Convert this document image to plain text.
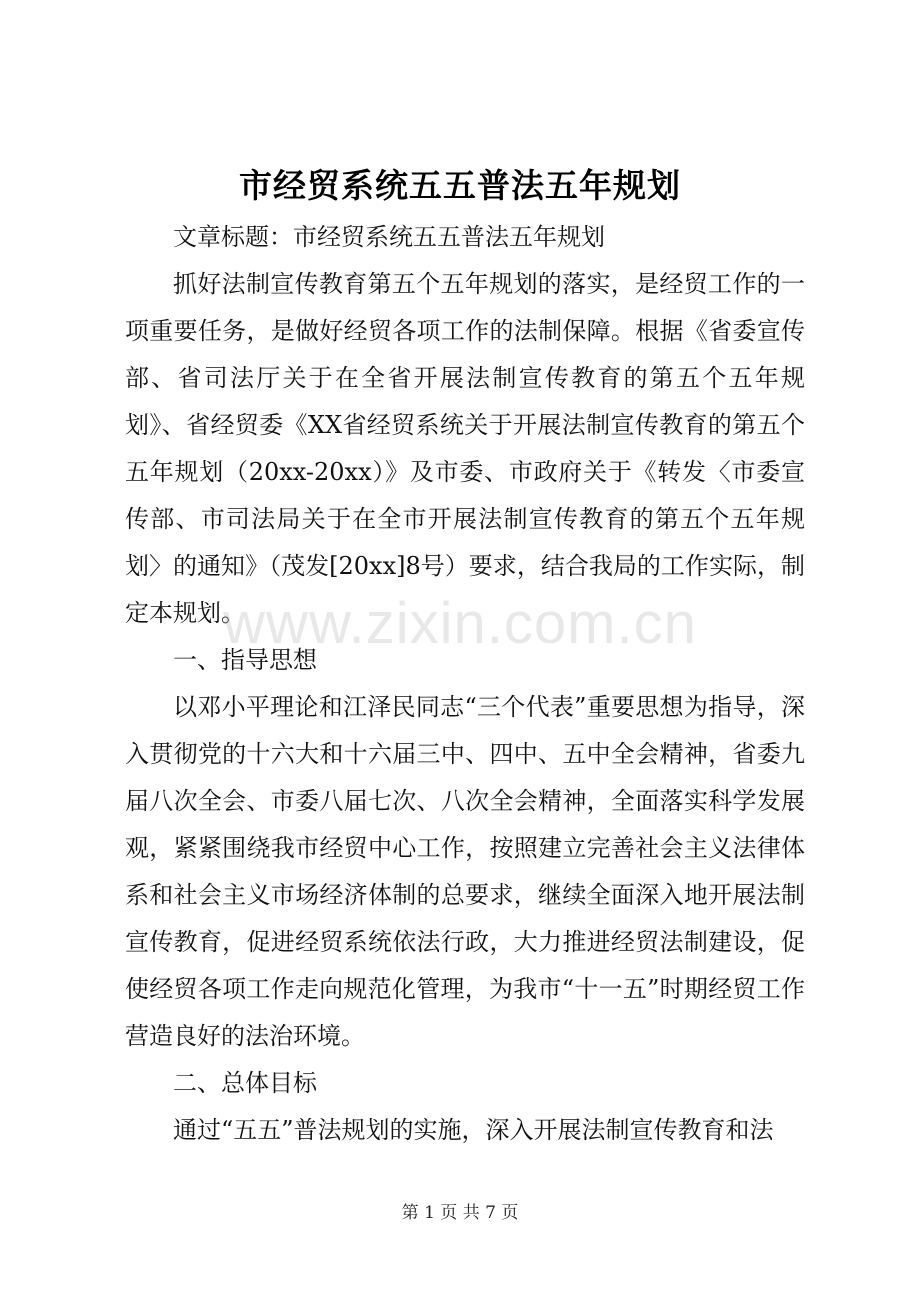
市经贸系统五五普法五年规划

文章标题：市经贸系统五五普法五年规划

抓好法制宣传教育第五个五年规划的落实，是经贸工作的一项重要任务，是做好经贸各项工作的法制保障。根据《省委宣传部、省司法厅关于在全省开展法制宣传教育的第五个五年规划》、省经贸委《XX省经贸系统关于开展法制宣传教育的第五个五年规划（20xx-20xx）》及市委、市政府关于《转发〈市委宣传部、市司法局关于在全市开展法制宣传教育的第五个五年规划〉的通知》（茂发[20xx]8号）要求，结合我局的工作实际，制定本规划。

一、指导思想

以邓小平理论和江泽民同志“三个代表”重要思想为指导，深入贯彻党的十六大和十六届三中、四中、五中全会精神，省委九届八次全会、市委八届七次、八次全会精神，全面落实科学发展观，紧紧围绕我市经贸中心工作，按照建立完善社会主义法律体系和社会主义市场经济体制的总要求，继续全面深入地开展法制宣传教育，促进经贸系统依法行政，大力推进经贸法制建设，促使经贸各项工作走向规范化管理，为我市“十一五”时期经贸工作营造良好的法治环境。

二、总体目标

通过“五五”普法规划的实施，深入开展法制宣传教育和法

www.zixin.com.cn
第 1 页 共 7 页
